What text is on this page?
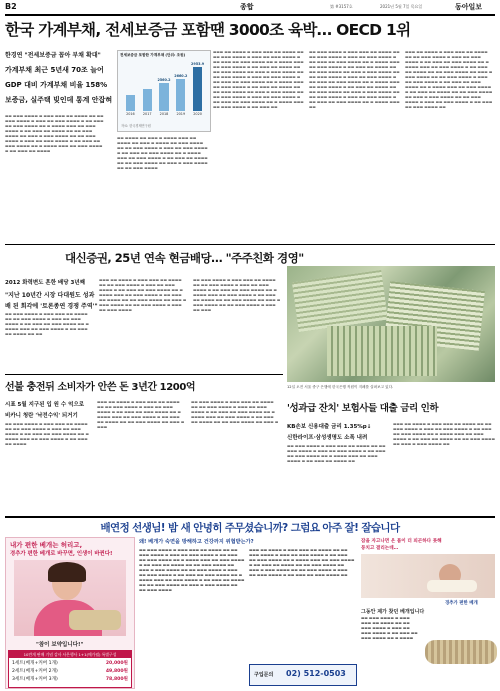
B2	종합	第 #3157호	2021년 5월 7일 목요일	동아일보
한국 가계부채, 전세보증금 포함땐 3000조 육박… OECD 1위
한경연 "전세보증금 꼽아 부채 확대"
가계부채 최근 5년새 70조 늘어
GDP 대비 가계부채 비율 158%
보증금, 실주택 빚인데 통계 안잡혀
▬▬ ▬▬▬ ▬▬▬▬ ▬ ▬▬▬ ▬▬▬ ▬▬ ▬▬▬▬ ▬▬ ▬▬ ▬▬▬ ▬▬▬▬ ▬ ▬▬▬ ▬▬ ▬▬▬ ▬▬▬▬ ▬ ▬▬ ▬▬▬ ▬▬ ▬▬▬ ▬▬▬▬ ▬▬ ▬ ▬▬▬▬ ▬▬▬ ▬▬ ▬▬▬ ▬▬▬▬ ▬ ▬▬ ▬▬▬ ▬▬ ▬▬▬▬ ▬▬ ▬▬ ▬▬▬ ▬▬▬▬ ▬▬ ▬▬▬ ▬ ▬▬▬ ▬▬▬▬ ▬▬ ▬▬ ▬▬▬ ▬▬▬▬ ▬ ▬▬▬ ▬▬ ▬▬▬ ▬▬▬▬ ▬ ▬▬ ▬▬▬ ▬▬ ▬▬▬ ▬▬▬▬ ▬▬ ▬ ▬▬▬▬ ▬▬▬ ▬▬ ▬▬▬ ▬▬▬▬ ▬ ▬▬ ▬▬▬ ▬▬ ▬▬▬▬
전세보증금 포함한 가계부채 (단위: 조원)
2016	2017	2018
2560.2
2019
2660.2
2020
2953.9
자료: 한국경제연구원
▬▬ ▬▬▬▬ ▬▬ ▬▬▬ ▬ ▬▬▬▬ ▬▬▬ ▬▬ ▬▬▬▬ ▬▬ ▬▬▬ ▬ ▬▬▬▬ ▬▬ ▬▬▬ ▬▬▬▬ ▬▬ ▬▬ ▬▬▬ ▬▬▬▬ ▬ ▬▬▬ ▬▬ ▬▬▬ ▬▬▬▬ ▬ ▬▬ ▬▬▬ ▬▬ ▬▬▬ ▬▬▬▬ ▬▬ ▬ ▬▬▬▬ ▬▬▬ ▬▬ ▬▬▬ ▬▬▬▬ ▬ ▬▬ ▬▬▬ ▬▬ ▬▬▬▬ ▬▬ ▬▬ ▬▬▬ ▬▬▬▬ ▬▬ ▬▬▬ ▬ ▬▬▬ ▬▬▬▬ ▬▬ ▬▬ ▬▬▬ ▬▬▬▬
▬▬▬ ▬▬ ▬▬▬▬ ▬ ▬▬▬ ▬▬▬ ▬▬ ▬▬▬▬ ▬▬ ▬▬ ▬▬▬ ▬▬▬▬ ▬ ▬▬▬ ▬▬ ▬▬▬ ▬▬▬▬ ▬ ▬▬ ▬▬▬ ▬▬ ▬▬▬ ▬▬▬▬ ▬▬ ▬ ▬▬▬▬ ▬▬▬ ▬▬ ▬▬▬ ▬▬▬▬ ▬ ▬▬ ▬▬▬ ▬▬ ▬▬▬▬ ▬▬ ▬▬ ▬▬▬ ▬▬▬▬ ▬▬ ▬▬▬ ▬ ▬▬▬ ▬▬▬▬ ▬▬ ▬▬ ▬▬▬ ▬▬▬▬ ▬ ▬▬▬ ▬▬ ▬▬▬ ▬▬▬▬ ▬ ▬▬ ▬▬▬ ▬▬ ▬▬▬ ▬▬▬▬ ▬▬ ▬ ▬▬▬▬ ▬▬▬ ▬▬ ▬▬▬ ▬▬▬▬ ▬ ▬▬ ▬▬▬ ▬▬ ▬▬▬▬ ▬▬ ▬▬ ▬▬▬ ▬▬▬▬ ▬▬ ▬▬▬ ▬ ▬▬▬ ▬▬▬▬ ▬▬ ▬▬ ▬▬▬ ▬▬▬▬ ▬ ▬▬▬ ▬▬ ▬▬▬ ▬▬▬▬ ▬ ▬▬ ▬▬▬ ▬▬ ▬▬▬ ▬▬▬▬ ▬▬ ▬ ▬▬▬▬ ▬▬▬ ▬▬ ▬▬▬ ▬▬▬▬ ▬ ▬▬ ▬▬▬ ▬▬
▬▬ ▬▬▬ ▬▬▬▬ ▬ ▬▬▬ ▬▬▬ ▬▬ ▬▬▬▬ ▬▬ ▬▬ ▬▬▬ ▬▬▬▬ ▬ ▬▬▬ ▬▬ ▬▬▬ ▬▬▬▬ ▬ ▬▬ ▬▬▬ ▬▬ ▬▬▬ ▬▬▬▬ ▬▬ ▬ ▬▬▬▬ ▬▬▬ ▬▬ ▬▬▬ ▬▬▬▬ ▬ ▬▬ ▬▬▬ ▬▬ ▬▬▬▬ ▬▬ ▬▬ ▬▬▬ ▬▬▬▬ ▬▬ ▬▬▬ ▬ ▬▬▬ ▬▬▬▬ ▬▬ ▬▬ ▬▬▬ ▬▬▬▬ ▬ ▬▬▬ ▬▬ ▬▬▬ ▬▬▬▬ ▬ ▬▬ ▬▬▬ ▬▬ ▬▬▬ ▬▬▬▬ ▬▬ ▬ ▬▬▬▬ ▬▬▬ ▬▬ ▬▬▬ ▬▬▬▬ ▬ ▬▬ ▬▬▬ ▬▬ ▬▬▬▬ ▬▬ ▬▬ ▬▬▬ ▬▬▬▬ ▬▬ ▬▬▬ ▬ ▬▬▬ ▬▬▬▬ ▬▬ ▬▬ ▬▬▬ ▬▬▬▬ ▬ ▬▬▬ ▬▬ ▬▬▬ ▬▬▬▬ ▬ ▬▬ ▬▬▬ ▬▬ ▬▬▬ ▬▬▬▬ ▬▬ ▬ ▬▬▬▬ ▬▬▬ ▬▬
▬▬▬ ▬▬ ▬▬▬▬ ▬ ▬▬▬ ▬▬▬ ▬▬ ▬▬▬▬ ▬▬ ▬▬ ▬▬▬ ▬▬▬▬ ▬ ▬▬▬ ▬▬ ▬▬▬ ▬▬▬▬ ▬ ▬▬ ▬▬▬ ▬▬ ▬▬▬ ▬▬▬▬ ▬▬ ▬ ▬▬▬▬ ▬▬▬ ▬▬ ▬▬▬ ▬▬▬▬ ▬ ▬▬ ▬▬▬ ▬▬ ▬▬▬▬ ▬▬ ▬▬ ▬▬▬ ▬▬▬▬ ▬▬ ▬▬▬ ▬ ▬▬▬ ▬▬▬▬ ▬▬ ▬▬ ▬▬▬ ▬▬▬▬ ▬ ▬▬▬ ▬▬ ▬▬▬ ▬▬▬▬ ▬ ▬▬ ▬▬▬ ▬▬ ▬▬▬ ▬▬▬▬ ▬▬ ▬ ▬▬▬▬ ▬▬▬ ▬▬ ▬▬▬ ▬▬▬▬ ▬ ▬▬ ▬▬▬ ▬▬ ▬▬▬▬ ▬▬ ▬▬ ▬▬▬ ▬▬▬▬ ▬▬ ▬▬▬ ▬ ▬▬▬ ▬▬▬▬ ▬▬ ▬▬ ▬▬▬ ▬▬▬▬ ▬ ▬▬▬ ▬▬ ▬▬▬ ▬▬▬▬ ▬ ▬▬ ▬▬▬ ▬▬ ▬▬▬ ▬▬▬▬ ▬▬
대신증권, 25년 연속 현금배당… "주주친화 경영"
2012 화력변도 흔한 배당 3년째
"지난 10년간 시장 다대원도 성과
배 된 회각에 '토론종연 경쟁 주역'"
▬▬ ▬▬▬ ▬▬▬▬ ▬ ▬▬▬ ▬▬▬ ▬▬ ▬▬▬▬ ▬▬ ▬▬ ▬▬▬ ▬▬▬▬ ▬ ▬▬▬ ▬▬ ▬▬▬ ▬▬▬▬ ▬ ▬▬ ▬▬▬ ▬▬ ▬▬▬ ▬▬▬▬ ▬▬ ▬ ▬▬▬▬ ▬▬▬ ▬▬ ▬▬▬ ▬▬▬▬ ▬ ▬▬ ▬▬▬ ▬▬ ▬▬▬▬ ▬▬ ▬▬
▬▬▬ ▬▬ ▬▬▬▬ ▬ ▬▬▬ ▬▬▬ ▬▬ ▬▬▬▬ ▬▬ ▬▬ ▬▬▬ ▬▬▬▬ ▬ ▬▬▬ ▬▬ ▬▬▬ ▬▬▬▬ ▬ ▬▬ ▬▬▬ ▬▬ ▬▬▬ ▬▬▬▬ ▬▬ ▬ ▬▬▬▬ ▬▬▬ ▬▬ ▬▬▬ ▬▬▬▬ ▬ ▬▬ ▬▬▬ ▬▬ ▬▬▬▬ ▬▬ ▬▬ ▬▬▬ ▬▬▬▬ ▬▬ ▬▬▬ ▬ ▬▬▬ ▬▬▬▬ ▬▬ ▬▬ ▬▬▬ ▬▬▬▬ ▬ ▬▬▬ ▬▬ ▬▬▬ ▬▬▬▬
▬▬ ▬▬▬ ▬▬▬▬ ▬ ▬▬▬ ▬▬▬ ▬▬ ▬▬▬▬ ▬▬ ▬▬ ▬▬▬ ▬▬▬▬ ▬ ▬▬▬ ▬▬ ▬▬▬ ▬▬▬▬ ▬ ▬▬ ▬▬▬ ▬▬ ▬▬▬ ▬▬▬▬ ▬▬ ▬ ▬▬▬▬ ▬▬▬ ▬▬ ▬▬▬ ▬▬▬▬ ▬ ▬▬ ▬▬▬ ▬▬ ▬▬▬▬ ▬▬ ▬▬ ▬▬▬ ▬▬▬▬ ▬▬ ▬▬▬ ▬ ▬▬▬ ▬▬▬▬ ▬▬ ▬▬ ▬▬▬ ▬▬▬▬ ▬ ▬▬▬ ▬▬ ▬▬▬
12일 오전 서울 중구 은행에 한국은행 직원이 지폐를 살펴보고 있다.
선불 충전뒤 소비자가 안쓴 돈 3년간 1200억
시표 5월 지구된 입 원 수 억으로
비카니 청란 '낙전수익' 되거기
▬▬ ▬▬▬ ▬▬▬▬ ▬ ▬▬▬ ▬▬▬ ▬▬ ▬▬▬▬ ▬▬ ▬▬ ▬▬▬ ▬▬▬▬ ▬ ▬▬▬ ▬▬ ▬▬▬ ▬▬▬▬ ▬ ▬▬ ▬▬▬ ▬▬ ▬▬▬ ▬▬▬▬ ▬▬ ▬ ▬▬▬▬ ▬▬▬ ▬▬ ▬▬▬ ▬▬▬▬ ▬ ▬▬ ▬▬▬ ▬▬ ▬▬▬▬
▬▬▬ ▬▬ ▬▬▬▬ ▬ ▬▬▬ ▬▬▬ ▬▬ ▬▬▬▬ ▬▬ ▬▬ ▬▬▬ ▬▬▬▬ ▬ ▬▬▬ ▬▬ ▬▬▬ ▬▬▬▬ ▬ ▬▬ ▬▬▬ ▬▬ ▬▬▬ ▬▬▬▬ ▬▬ ▬ ▬▬▬▬ ▬▬▬ ▬▬ ▬▬▬ ▬▬▬▬ ▬ ▬▬ ▬▬▬ ▬▬ ▬▬▬▬ ▬▬ ▬▬ ▬▬▬ ▬▬▬▬ ▬▬ ▬▬▬ ▬ ▬▬▬
▬▬ ▬▬▬ ▬▬▬▬ ▬ ▬▬▬ ▬▬▬ ▬▬ ▬▬▬▬ ▬▬ ▬▬ ▬▬▬ ▬▬▬▬ ▬ ▬▬▬ ▬▬ ▬▬▬ ▬▬▬▬ ▬ ▬▬ ▬▬▬ ▬▬ ▬▬▬ ▬▬▬▬ ▬▬ ▬ ▬▬▬▬ ▬▬▬ ▬▬ ▬▬▬ ▬▬▬▬ ▬ ▬▬ ▬▬▬ ▬▬ ▬▬▬▬ ▬▬ ▬▬ ▬▬▬ ▬▬▬▬ ▬▬ ▬▬▬ ▬
'성과급 잔치' 보험사들 대출 금리 인하
KB손보 신용대출 금리 1.35%p↓
신한라이프·삼성생명도 소폭 내려
▬▬ ▬▬▬ ▬▬▬▬ ▬ ▬▬▬ ▬▬▬ ▬▬ ▬▬▬▬ ▬▬ ▬▬ ▬▬▬ ▬▬▬▬ ▬ ▬▬▬ ▬▬ ▬▬▬ ▬▬▬▬ ▬ ▬▬ ▬▬▬ ▬▬ ▬▬▬ ▬▬▬▬ ▬▬ ▬ ▬▬▬▬ ▬▬▬ ▬▬ ▬▬▬ ▬▬▬▬ ▬ ▬▬ ▬▬▬ ▬▬ ▬▬▬▬ ▬▬
▬▬▬ ▬▬ ▬▬▬▬ ▬ ▬▬▬ ▬▬▬ ▬▬ ▬▬▬▬ ▬▬ ▬▬ ▬▬▬ ▬▬▬▬ ▬ ▬▬▬ ▬▬ ▬▬▬ ▬▬▬▬ ▬ ▬▬ ▬▬▬ ▬▬ ▬▬▬ ▬▬▬▬ ▬▬ ▬ ▬▬▬▬ ▬▬▬ ▬▬ ▬▬▬ ▬▬▬▬ ▬ ▬▬ ▬▬▬ ▬▬ ▬▬▬▬ ▬▬ ▬▬ ▬▬▬ ▬▬▬▬ ▬▬ ▬▬▬ ▬ ▬▬▬ ▬▬▬▬ ▬▬
배연정 선생님! 밤 새 안녕히 주무셨습니까? 그럼요 아주 잘! 잘습니다
내가 편한 베개는 허리고,
경추가 편한 베개로 바꾸면, 인생이 바뀐다!
"참이 보약입니다!"
10만개 판매 기념 감사 사은행사 1+1(메가펄) 특별구성
1세트(베개+커버 1개)	20,000원
2세트(베개+커버 2개)	49,800원
3세트(베개+커버 3개)	78,800원
왜! 베개가 숙면을 방해하고 건강까지 위협받는가?
▬▬ ▬▬▬ ▬▬▬▬ ▬ ▬▬▬ ▬▬▬ ▬▬ ▬▬▬▬ ▬▬ ▬▬ ▬▬▬ ▬▬▬▬ ▬ ▬▬▬ ▬▬ ▬▬▬ ▬▬▬▬ ▬ ▬▬ ▬▬▬ ▬▬ ▬▬▬ ▬▬▬▬ ▬▬ ▬ ▬▬▬▬ ▬▬▬ ▬▬ ▬▬▬ ▬▬▬▬ ▬ ▬▬ ▬▬▬ ▬▬ ▬▬▬▬ ▬▬ ▬▬ ▬▬▬ ▬▬▬▬ ▬▬ ▬▬▬ ▬ ▬▬▬ ▬▬▬▬ ▬▬ ▬▬ ▬▬▬ ▬▬▬▬ ▬ ▬▬▬ ▬▬ ▬▬▬ ▬▬▬▬ ▬ ▬▬ ▬▬▬ ▬▬ ▬▬▬ ▬▬▬▬ ▬▬ ▬ ▬▬▬▬ ▬▬▬ ▬▬ ▬▬▬ ▬▬▬▬ ▬ ▬▬ ▬▬▬ ▬▬ ▬▬▬▬ ▬▬ ▬▬ ▬▬▬ ▬▬▬▬ ▬▬ ▬▬▬ ▬ ▬▬▬ ▬▬▬▬ ▬▬ ▬▬ ▬▬▬ ▬▬▬▬
▬▬▬ ▬▬ ▬▬▬▬ ▬ ▬▬▬ ▬▬▬ ▬▬ ▬▬▬▬ ▬▬ ▬▬ ▬▬▬ ▬▬▬▬ ▬ ▬▬▬ ▬▬ ▬▬▬ ▬▬▬▬ ▬ ▬▬ ▬▬▬ ▬▬ ▬▬▬ ▬▬▬▬ ▬▬ ▬ ▬▬▬▬ ▬▬▬ ▬▬ ▬▬▬ ▬▬▬▬ ▬ ▬▬ ▬▬▬ ▬▬ ▬▬▬▬ ▬▬ ▬▬ ▬▬▬ ▬▬▬▬ ▬▬ ▬▬▬ ▬ ▬▬▬ ▬▬▬▬ ▬▬ ▬▬ ▬▬▬ ▬▬▬▬ ▬ ▬▬▬ ▬▬ ▬▬▬ ▬▬▬▬ ▬ ▬▬ ▬▬▬ ▬▬ ▬▬▬ ▬▬▬▬ ▬▬
구입문의 02) 512-0503
잠을 자고나면 온 몸이 더 피곤하다 못해
뭉치고 결리는데…
경추가 편한 베개
그동안 제가 찾던 베개입니다
▬▬ ▬▬▬ ▬▬▬▬ ▬ ▬▬▬ ▬▬▬ ▬▬ ▬▬▬▬ ▬▬ ▬▬ ▬▬▬ ▬▬▬▬ ▬ ▬▬▬ ▬▬ ▬▬▬ ▬▬▬▬ ▬ ▬▬ ▬▬▬ ▬▬ ▬▬▬ ▬▬▬▬ ▬▬ ▬ ▬▬▬▬
